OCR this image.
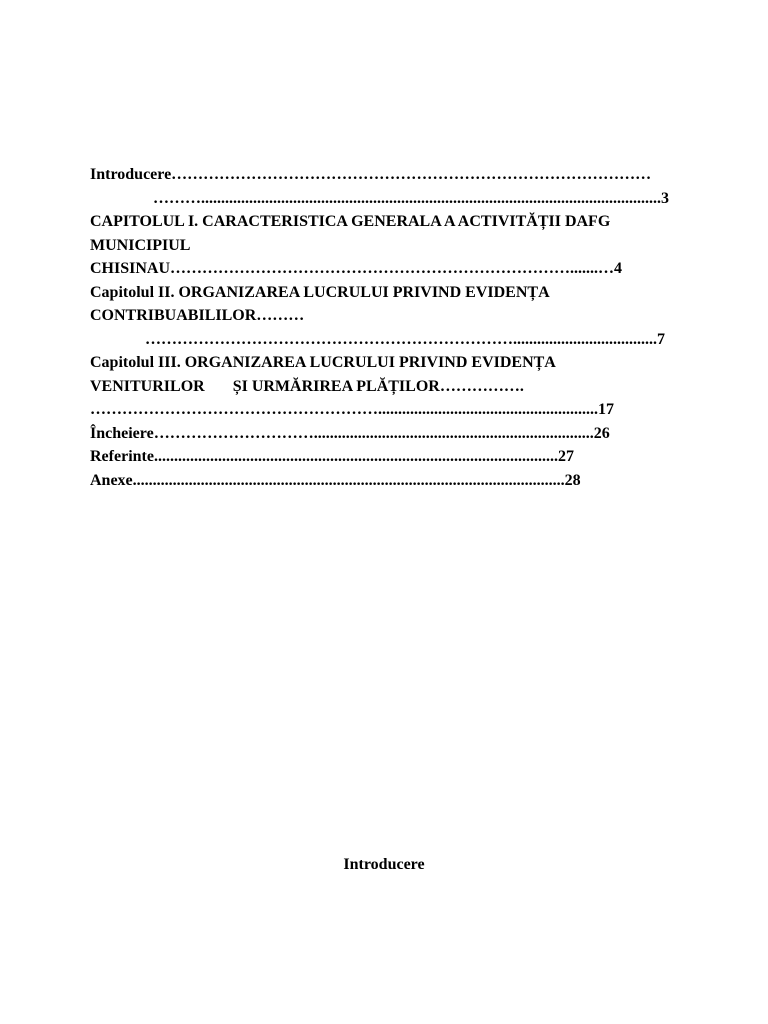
Introducere………………………………………………………………………………

………...................................................................................................................3

CAPITOLUL I. CARACTERISTICA GENERALA A ACTIVITĂȚII DAFG

MUNICIPIUL

CHISINAU………………………………………………………………….......…4

Capitolul II. ORGANIZAREA LUCRULUI PRIVIND EVIDENȚA

CONTRIBUABILILOR………

……………………………………………………………....................................7

Capitolul III. ORGANIZAREA LUCRULUI PRIVIND EVIDENȚA

VENITURILOR       ȘI URMĂRIREA PLĂȚILOR…………….

……………………………………………….......................................................17

Încheiere…………………………......................................................................26

Referinte.....................................................................................................27

Anexe............................................................................................................28

Introducere
